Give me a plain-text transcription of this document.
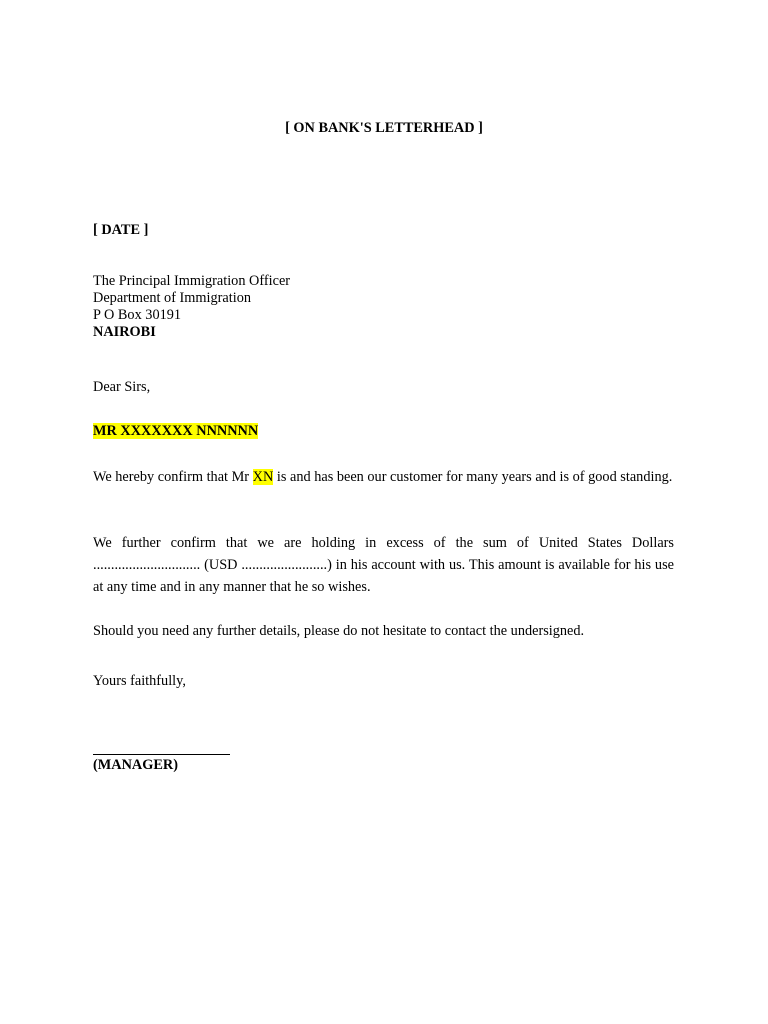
[ ON BANK'S LETTERHEAD ]
[ DATE ]
The Principal Immigration Officer
Department of Immigration
P O Box 30191
NAIROBI
Dear Sirs,
MR XXXXXXX NNNNNN
We hereby confirm that Mr XN is and has been our customer for many years and is of good standing.
We further confirm that we are holding in excess of the sum of United States Dollars .............................. (USD ........................) in his account with us. This amount is available for his use at any time and in any manner that he so wishes.
Should you need any further details, please do not hesitate to contact the undersigned.
Yours faithfully,
(MANAGER)
